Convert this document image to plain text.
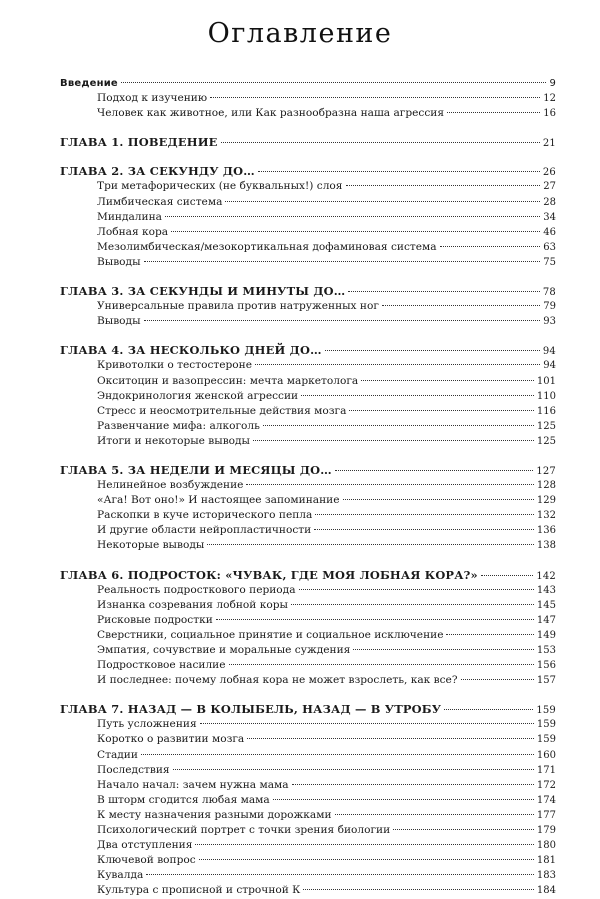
Оглавление
Введение	9
Подход к изучению	12
Человек как животное, или Как разнообразна наша агрессия	16
ГЛАВА 1. ПОВЕДЕНИЕ	21
ГЛАВА 2. ЗА СЕКУНДУ ДО…	26
Три метафорических (не буквальных!) слоя	27
Лимбическая система	28
Миндалина	34
Лобная кора	46
Мезолимбическая/мезокортикальная дофаминовая система	63
Выводы	75
ГЛАВА 3. ЗА СЕКУНДЫ И МИНУТЫ ДО…	78
Универсальные правила против натруженных ног	79
Выводы	93
ГЛАВА 4. ЗА НЕСКОЛЬКО ДНЕЙ ДО…	94
Кривотолки о тестостероне	94
Окситоцин и вазопрессин: мечта маркетолога	101
Эндокринология женской агрессии	110
Стресс и неосмотрительные действия мозга	116
Развенчание мифа: алкоголь	125
Итоги и некоторые выводы	125
ГЛАВА 5. ЗА НЕДЕЛИ И МЕСЯЦЫ ДО…	127
Нелинейное возбуждение	128
«Ага! Вот оно!» И настоящее запоминание	129
Раскопки в куче исторического пепла	132
И другие области нейропластичности	136
Некоторые выводы	138
ГЛАВА 6. ПОДРОСТОК: «ЧУВАК, ГДЕ МОЯ ЛОБНАЯ КОРА?»	142
Реальность подросткового периода	143
Изнанка созревания лобной коры	145
Рисковые подростки	147
Сверстники, социальное принятие и социальное исключение	149
Эмпатия, сочувствие и моральные суждения	153
Подростковое насилие	156
И последнее: почему лобная кора не может взрослеть, как все?	157
ГЛАВА 7. НАЗАД — В КОЛЫБЕЛЬ, НАЗАД — В УТРОБУ	159
Путь усложнения	159
Коротко о развитии мозга	159
Стадии	160
Последствия	171
Начало начал: зачем нужна мама	172
В шторм сгодится любая мама	174
К месту назначения разными дорожками	177
Психологический портрет с точки зрения биологии	179
Два отступления	180
Ключевой вопрос	181
Кувалда	183
Культура с прописной и строчной К	184
